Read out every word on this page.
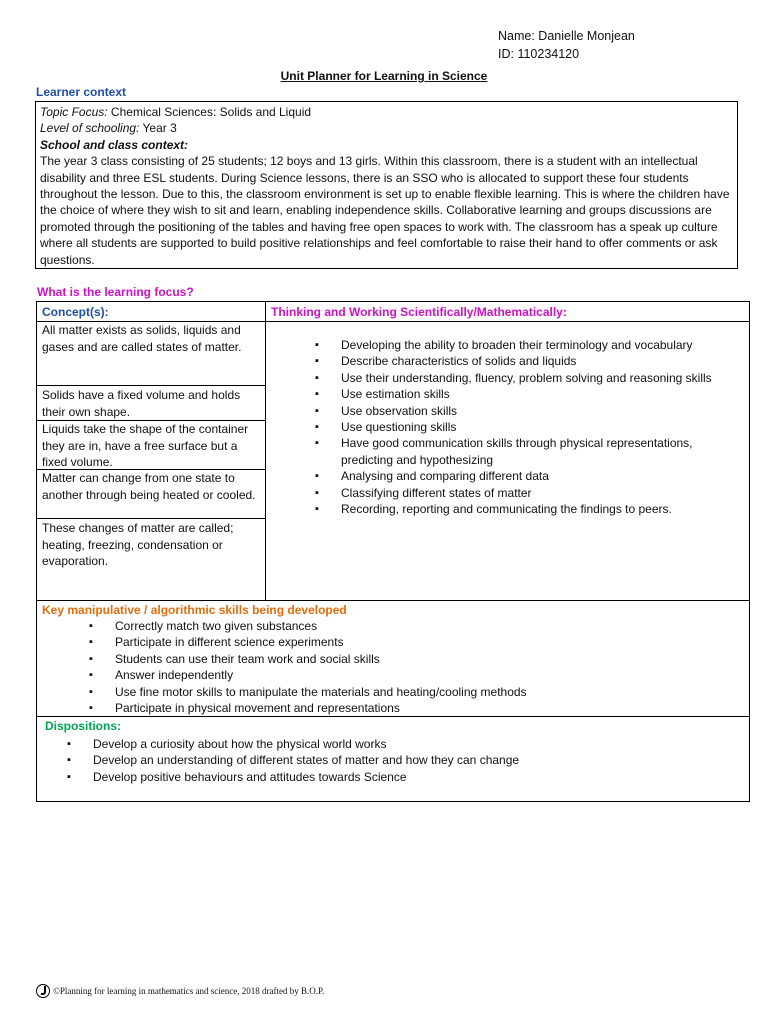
Name: Danielle Monjean
ID: 110234120
Unit Planner for Learning in Science
Learner context
Topic Focus: Chemical Sciences: Solids and Liquid
Level of schooling: Year 3
School and class context:
The year 3 class consisting of 25 students; 12 boys and 13 girls. Within this classroom, there is a student with an intellectual disability and three ESL students. During Science lessons, there is an SSO who is allocated to support these four students throughout the lesson. Due to this, the classroom environment is set up to enable flexible learning. This is where the children have the choice of where they wish to sit and learn, enabling independence skills. Collaborative learning and groups discussions are promoted through the positioning of the tables and having free open spaces to work with. The classroom has a speak up culture where all students are supported to build positive relationships and feel comfortable to raise their hand to offer comments or ask questions.
What is the learning focus?
Concept(s):	Thinking and Working Scientifically/Mathematically:
All matter exists as solids, liquids and gases and are called states of matter.
Solids have a fixed volume and holds their own shape.
Liquids take the shape of the container they are in, have a free surface but a fixed volume.
Matter can change from one state to another through being heated or cooled.
These changes of matter are called; heating, freezing, condensation or evaporation.
▪ Developing the ability to broaden their terminology and vocabulary
▪ Describe characteristics of solids and liquids
▪ Use their understanding, fluency, problem solving and reasoning skills
▪ Use estimation skills
▪ Use observation skills
▪ Use questioning skills
▪ Have good communication skills through physical representations, predicting and hypothesizing
▪ Analysing and comparing different data
▪ Classifying different states of matter
▪ Recording, reporting and communicating the findings to peers.
Key manipulative / algorithmic skills being developed
▪ Correctly match two given substances
▪ Participate in different science experiments
▪ Students can use their team work and social skills
▪ Answer independently
▪ Use fine motor skills to manipulate the materials and heating/cooling methods
▪ Participate in physical movement and representations
Dispositions:
▪ Develop a curiosity about how the physical world works
▪ Develop an understanding of different states of matter and how they can change
▪ Develop positive behaviours and attitudes towards Science
©Planning for learning in mathematics and science, 2018 drafted by B.O.P.
